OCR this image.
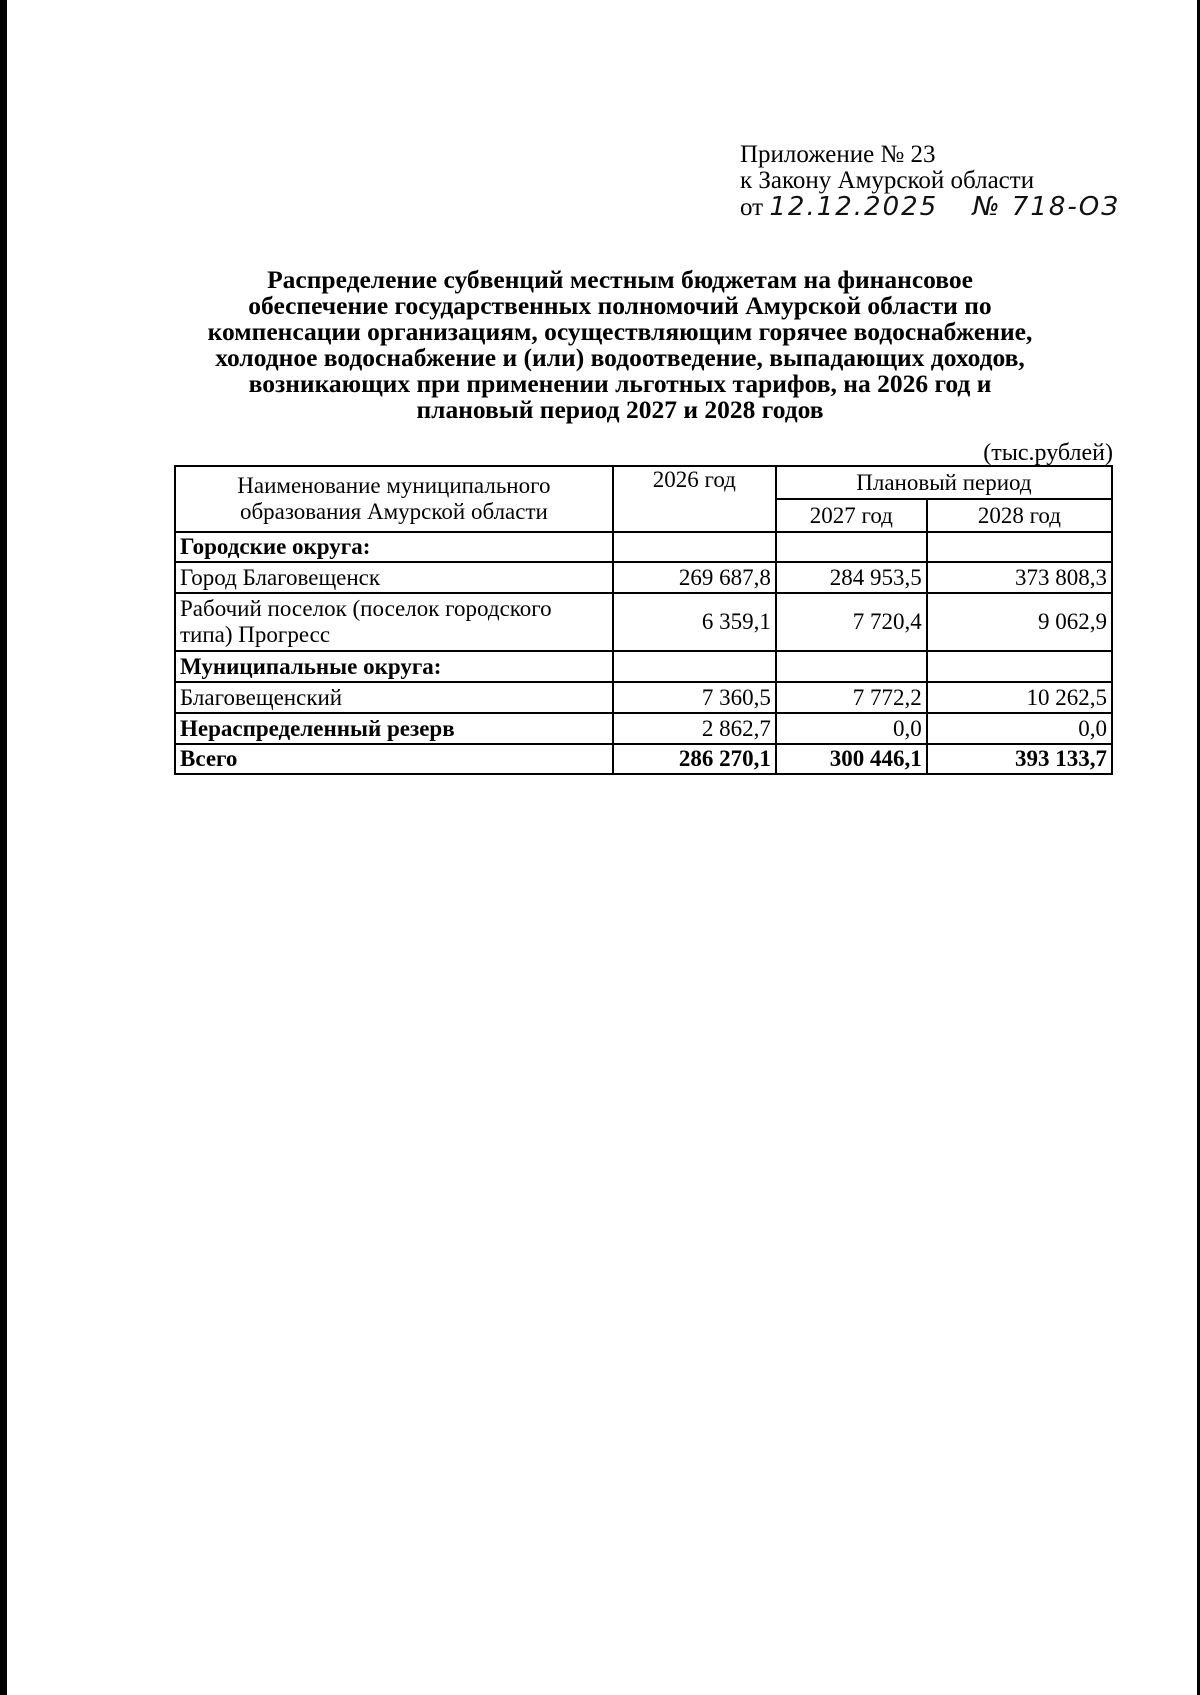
Приложение № 23
к Закону Амурской области
от 12.12.2025 № 718-ОЗ
Распределение субвенций местным бюджетам на финансовое
обеспечение государственных полномочий Амурской области по
компенсации организациям, осуществляющим горячее водоснабжение,
холодное водоснабжение и (или) водоотведение, выпадающих доходов,
возникающих при применении льготных тарифов, на 2026 год и
плановый период 2027 и 2028 годов
(тыс.рублей)
Наименование муниципального
образования Амурской области	2026 год	Плановый период	
		2027 год	2028 год
Городские округа:			
Город Благовещенск	269 687,8	284 953,5	373 808,3
Рабочий поселок (поселок городского типа) Прогресс	6 359,1	7 720,4	9 062,9
Муниципальные округа:			
Благовещенский	7 360,5	7 772,2	10 262,5
Нераспределенный резерв	2 862,7	0,0	0,0
Всего	286 270,1	300 446,1	393 133,7
